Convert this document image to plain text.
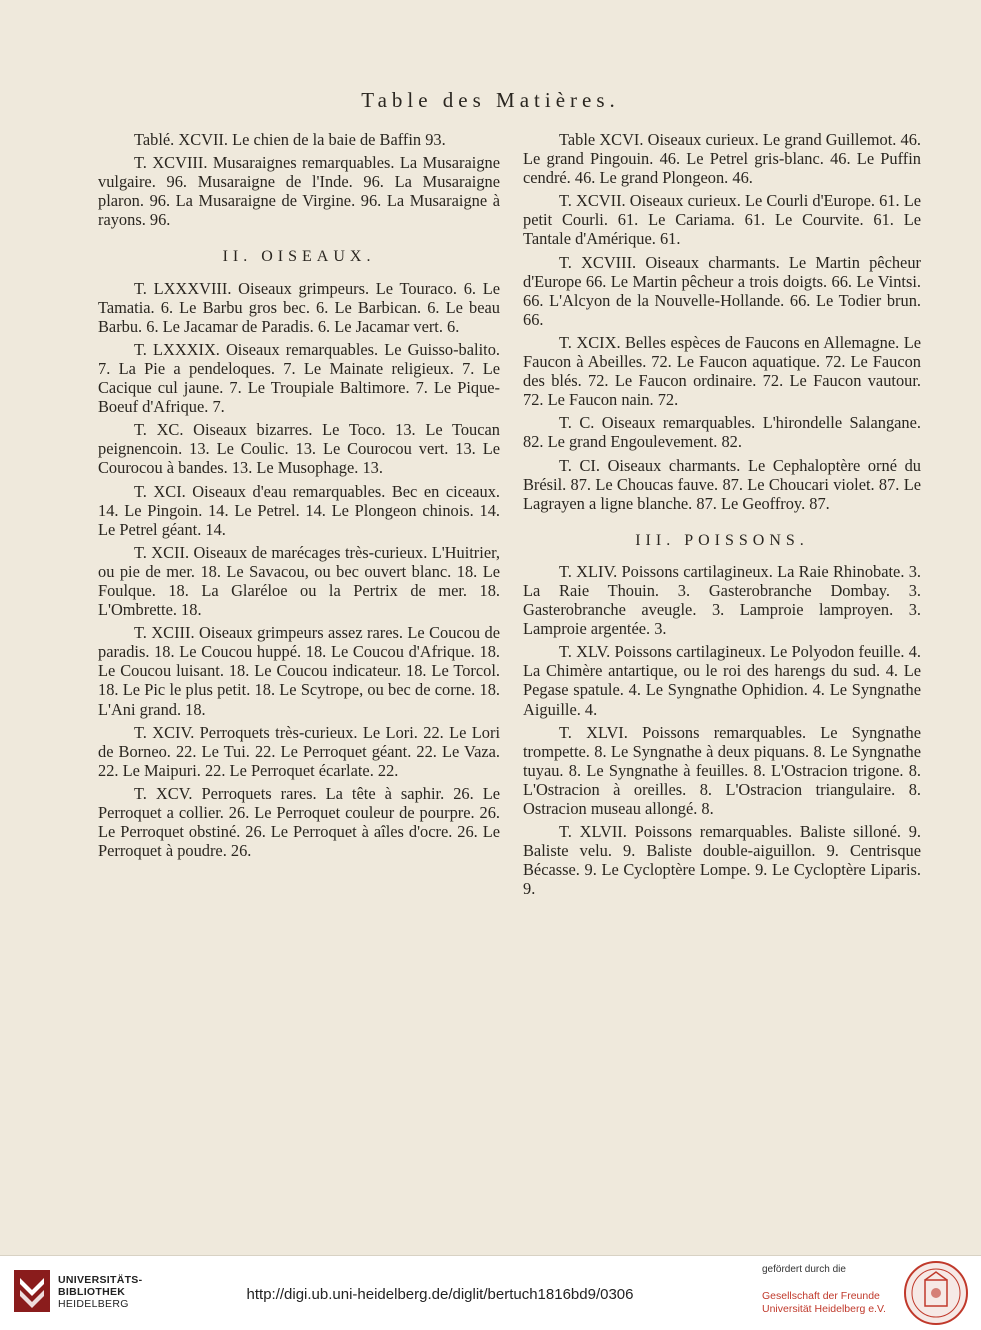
Table des Matières.

Tablé. XCVII. Le chien de la baie de Baffin 93.

T. XCVIII. Musaraignes remarquables. La Musaraigne vulgaire. 96. Musaraigne de l'Inde. 96. La Musaraigne plaron. 96. La Musaraigne de Virgine. 96. La Musaraigne à rayons. 96.

II. OISEAUX.

T. LXXXVIII. Oiseaux grimpeurs. Le Touraco. 6. Le Tamatia. 6. Le Barbu gros bec. 6. Le Barbican. 6. Le beau Barbu. 6. Le Jacamar de Paradis. 6. Le Jacamar vert. 6.

T. LXXXIX. Oiseaux remarquables. Le Guisso-balito. 7. La Pie a pendeloques. 7. Le Mainate religieux. 7. Le Cacique cul jaune. 7. Le Troupiale Baltimore. 7. Le Pique-Boeuf d'Afrique. 7.

T. XC. Oiseaux bizarres. Le Toco. 13. Le Toucan peignencoin. 13. Le Coulic. 13. Le Courocou vert. 13. Le Courocou à bandes. 13. Le Musophage. 13.

T. XCI. Oiseaux d'eau remarquables. Bec en ciceaux. 14. Le Pingoin. 14. Le Petrel. 14. Le Plongeon chinois. 14. Le Petrel géant. 14.

T. XCII. Oiseaux de marécages très-curieux. L'Huitrier, ou pie de mer. 18. Le Savacou, ou bec ouvert blanc. 18. Le Foulque. 18. La Glaréloe ou la Pertrix de mer. 18. L'Ombrette. 18.

T. XCIII. Oiseaux grimpeurs assez rares. Le Coucou de paradis. 18. Le Coucou huppé. 18. Le Coucou d'Afrique. 18. Le Coucou luisant. 18. Le Coucou indicateur. 18. Le Torcol. 18. Le Pic le plus petit. 18. Le Scytrope, ou bec de corne. 18. L'Ani grand. 18.

T. XCIV. Perroquets très-curieux. Le Lori. 22. Le Lori de Borneo. 22. Le Tui. 22. Le Perroquet géant. 22. Le Vaza. 22. Le Maipuri. 22. Le Perroquet écarlate. 22.

T. XCV. Perroquets rares. La tête à saphir. 26. Le Perroquet a collier. 26. Le Perroquet couleur de pourpre. 26. Le Perroquet obstiné. 26. Le Perroquet à aîles d'ocre. 26. Le Perroquet à poudre. 26.

Table XCVI. Oiseaux curieux. Le grand Guillemot. 46. Le grand Pingouin. 46. Le Petrel gris-blanc. 46. Le Puffin cendré. 46. Le grand Plongeon. 46.

T. XCVII. Oiseaux curieux. Le Courli d'Europe. 61. Le petit Courli. 61. Le Cariama. 61. Le Courvite. 61. Le Tantale d'Amérique. 61.

T. XCVIII. Oiseaux charmants. Le Martin pêcheur d'Europe 66. Le Martin pêcheur a trois doigts. 66. Le Vintsi. 66. L'Alcyon de la Nouvelle-Hollande. 66. Le Todier brun. 66.

T. XCIX. Belles espèces de Faucons en Allemagne. Le Faucon à Abeilles. 72. Le Faucon aquatique. 72. Le Faucon des blés. 72. Le Faucon ordinaire. 72. Le Faucon vautour. 72. Le Faucon nain. 72.

T. C. Oiseaux remarquables. L'hirondelle Salangane. 82. Le grand Engoulevement. 82.

T. CI. Oiseaux charmants. Le Cephaloptère orné du Brésil. 87. Le Choucas fauve. 87. Le Choucari violet. 87. Le Lagrayen a ligne blanche. 87. Le Geoffroy. 87.

III. POISSONS.

T. XLIV. Poissons cartilagineux. La Raie Rhinobate. 3. La Raie Thouin. 3. Gasterobranche Dombay. 3. Gasterobranche aveugle. 3. Lamproie lamproyen. 3. Lamproie argentée. 3.

T. XLV. Poissons cartilagineux. Le Polyodon feuille. 4. La Chimère antartique, ou le roi des harengs du sud. 4. Le Pegase spatule. 4. Le Syngnathe Ophidion. 4. Le Syngnathe Aiguille. 4.

T. XLVI. Poissons remarquables. Le Syngnathe trompette. 8. Le Syngnathe à deux piquans. 8. Le Syngnathe tuyau. 8. Le Syngnathe à feuilles. 8. L'Ostracion trigone. 8. L'Ostracion à oreilles. 8. L'Ostracion triangulaire. 8. Ostracion museau allongé. 8.

T. XLVII. Poissons remarquables. Baliste silloné. 9. Baliste velu. 9. Baliste double-aiguillon. 9. Centrisque Bécasse. 9. Le Cycloptère Lompe. 9. Le Cycloptère Liparis. 9.

UNIVERSITÄTS-
BIBLIOTHEK
HEIDELBERG
http://digi.ub.uni-heidelberg.de/diglit/bertuch1816bd9/0306
gefördert durch die
Gesellschaft der Freunde
Universität Heidelberg e.V.
